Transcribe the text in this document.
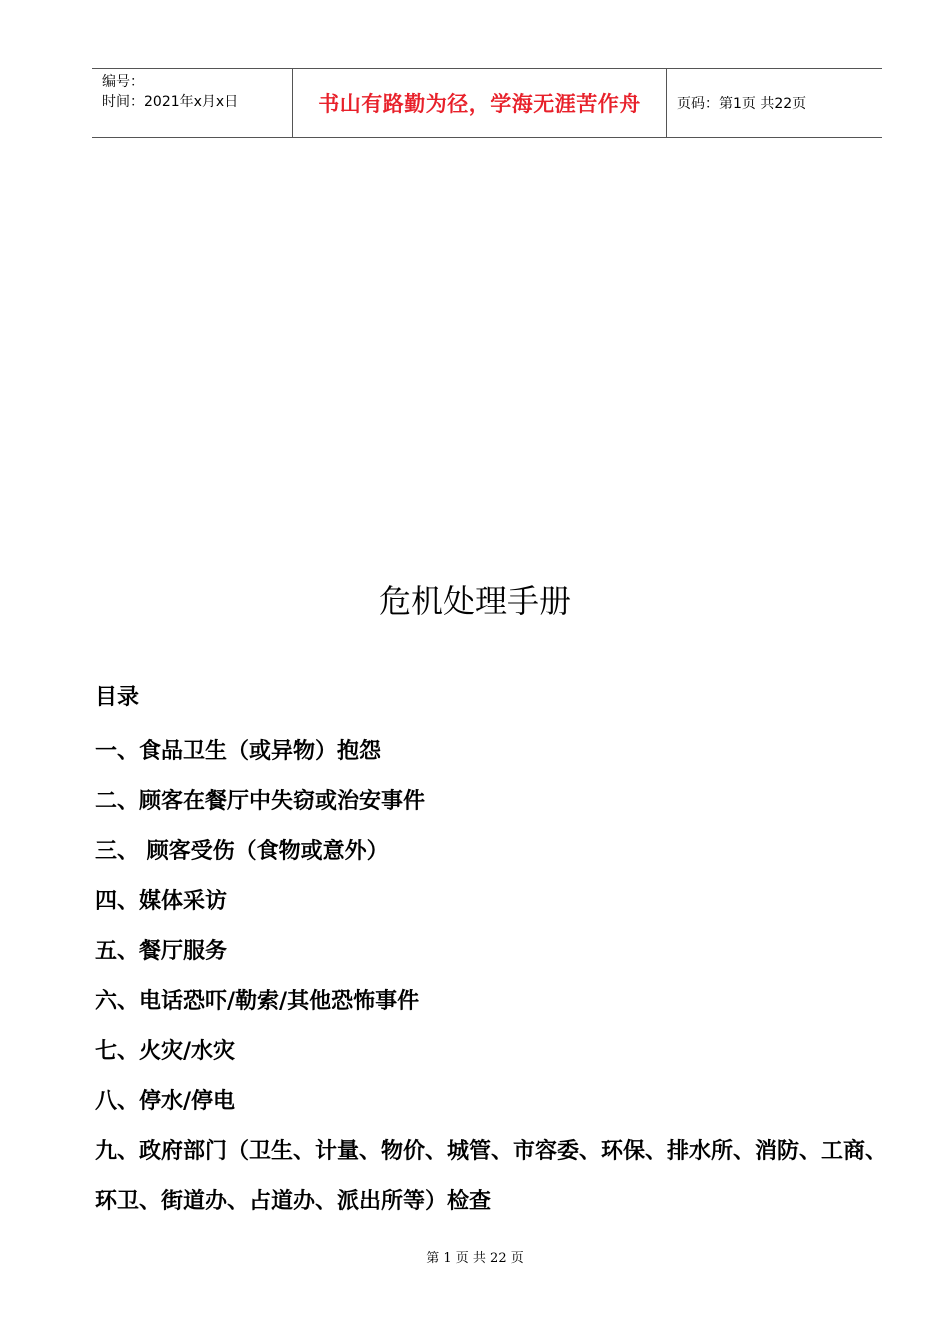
编号：
时间：2021年x月x日	书山有路勤为径，学海无涯苦作舟	页码：第1页 共22页
危机处理手册
目录
一、食品卫生（或异物）抱怨
二、顾客在餐厅中失窃或治安事件
三、 顾客受伤（食物或意外）
四、媒体采访
五、餐厅服务
六、电话恐吓/勒索/其他恐怖事件
七、火灾/水灾
八、停水/停电
九、政府部门（卫生、计量、物价、城管、市容委、环保、排水所、消防、工商、环卫、街道办、占道办、派出所等）检查
第 1 页 共 22 页
